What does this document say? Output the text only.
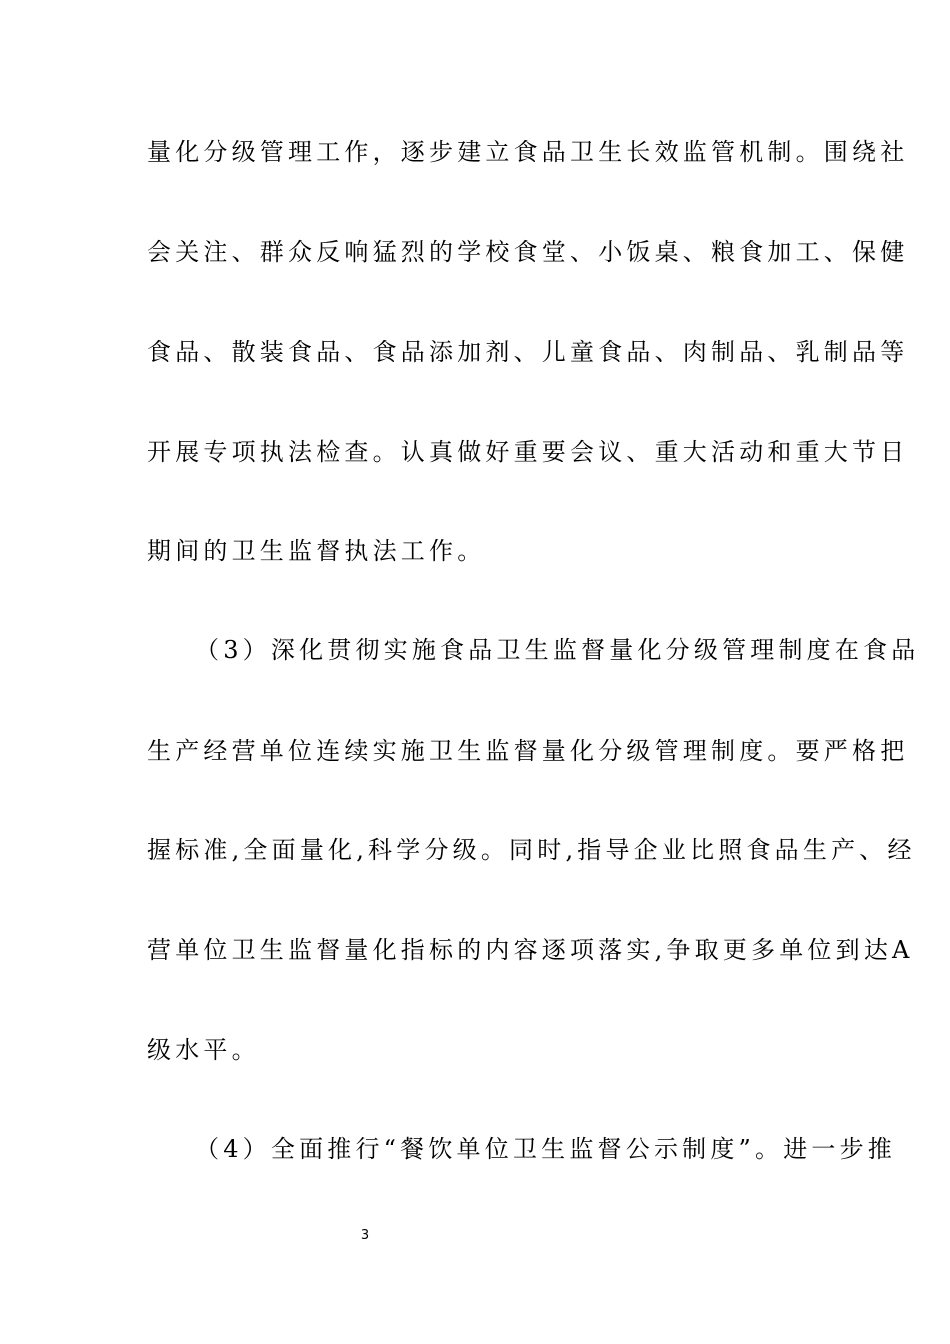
量化分级管理工作，逐步建立食品卫生长效监管机制。围绕社
会关注、群众反响猛烈的学校食堂、小饭桌、粮食加工、保健
食品、散装食品、食品添加剂、儿童食品、肉制品、乳制品等
开展专项执法检查。认真做好重要会议、重大活动和重大节日
期间的卫生监督执法工作。
（3）深化贯彻实施食品卫生监督量化分级管理制度在食品
生产经营单位连续实施卫生监督量化分级管理制度。要严格把
握标准,全面量化,科学分级。同时,指导企业比照食品生产、经
营单位卫生监督量化指标的内容逐项落实,争取更多单位到达A
级水平。
（4）全面推行“餐饮单位卫生监督公示制度”。进一步推
3
